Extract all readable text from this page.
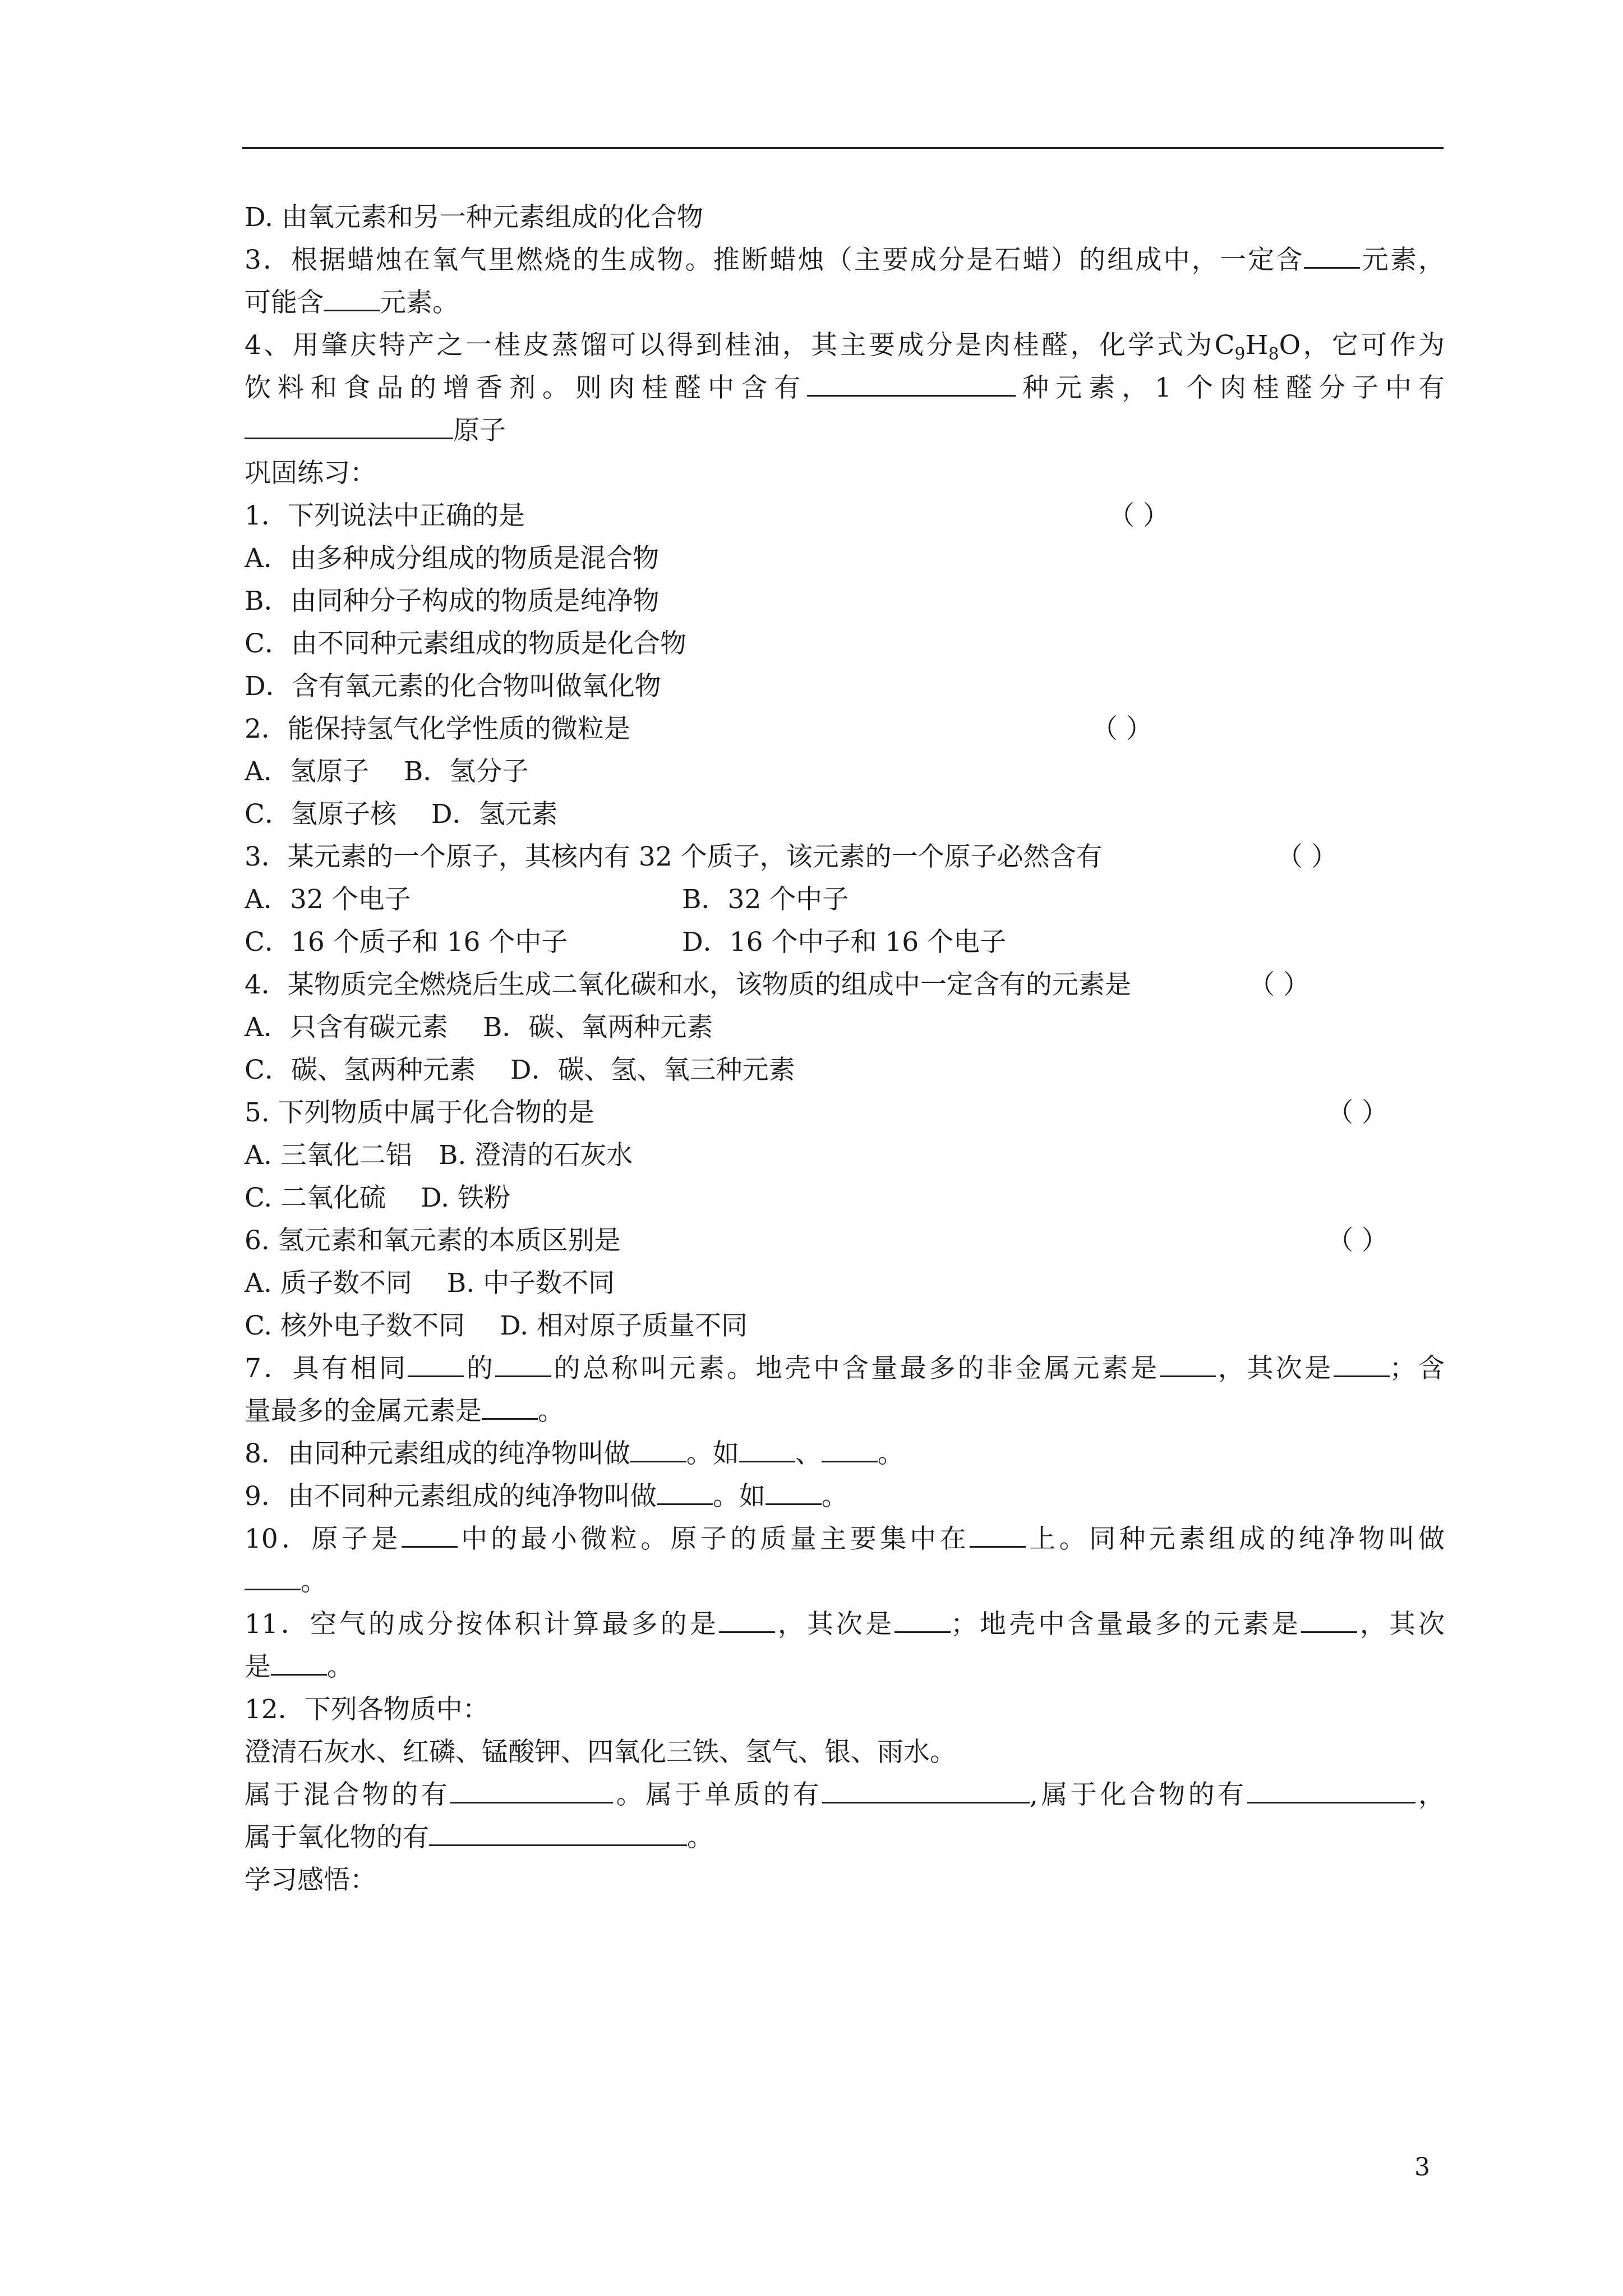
D. 由氧元素和另一种元素组成的化合物
3．根据蜡烛在氧气里燃烧的生成物。推断蜡烛（主要成分是石蜡）的组成中，一定含 元素，
可能含 元素。
4、用肇庆特产之一桂皮蒸馏可以得到桂油，其主要成分是肉桂醛，化学式为$C_9H_8O$，它可作为
饮料和食品的增香剂。则肉桂醛中含有	种元素，1 个肉桂醛分子中有
原子
巩固练习：
1．下列说法中正确的是	（ ）
A．由多种成分组成的物质是混合物
B．由同种分子构成的物质是纯净物
C．由不同种元素组成的物质是化合物
D．含有氧元素的化合物叫做氧化物
2．能保持氢气化学性质的微粒是	（ ）
A．氢原子　 B．氢分子
C．氢原子核　 D．氢元素
3．某元素的一个原子，其核内有 32 个质子，该元素的一个原子必然含有	（ ）
A．32 个电子	B．32 个中子
C．16 个质子和 16 个中子	D．16 个中子和 16 个电子
4．某物质完全燃烧后生成二氧化碳和水，该物质的组成中一定含有的元素是	（ ）
A．只含有碳元素　 B．碳、氧两种元素
C．碳、氢两种元素　 D．碳、氢、氧三种元素
5. 下列物质中属于化合物的是	（ ）
A. 三氧化二铝　B. 澄清的石灰水
C. 二氧化硫　 D. 铁粉
6. 氢元素和氧元素的本质区别是	（ ）
A. 质子数不同　 B. 中子数不同
C. 核外电子数不同　 D. 相对原子质量不同
7．具有相同 的 的总称叫元素。地壳中含量最多的非金属元素是 ，其次是 ；含
量最多的金属元素是 。
8．由同种元素组成的纯净物叫做 。如 、 。
9．由不同种元素组成的纯净物叫做 。如 。
10．原子是 中的最小微粒。原子的质量主要集中在 上。同种元素组成的纯净物叫做
。
11．空气的成分按体积计算最多的是 ，其次是 ；地壳中含量最多的元素是 ，其次
是 。
12．下列各物质中：
澄清石灰水、红磷、锰酸钾、四氧化三铁、氢气、银、雨水。
属于混合物的有	。属于单质的有	,属于化合物的有	，
属于氧化物的有	。
学习感悟：
3
